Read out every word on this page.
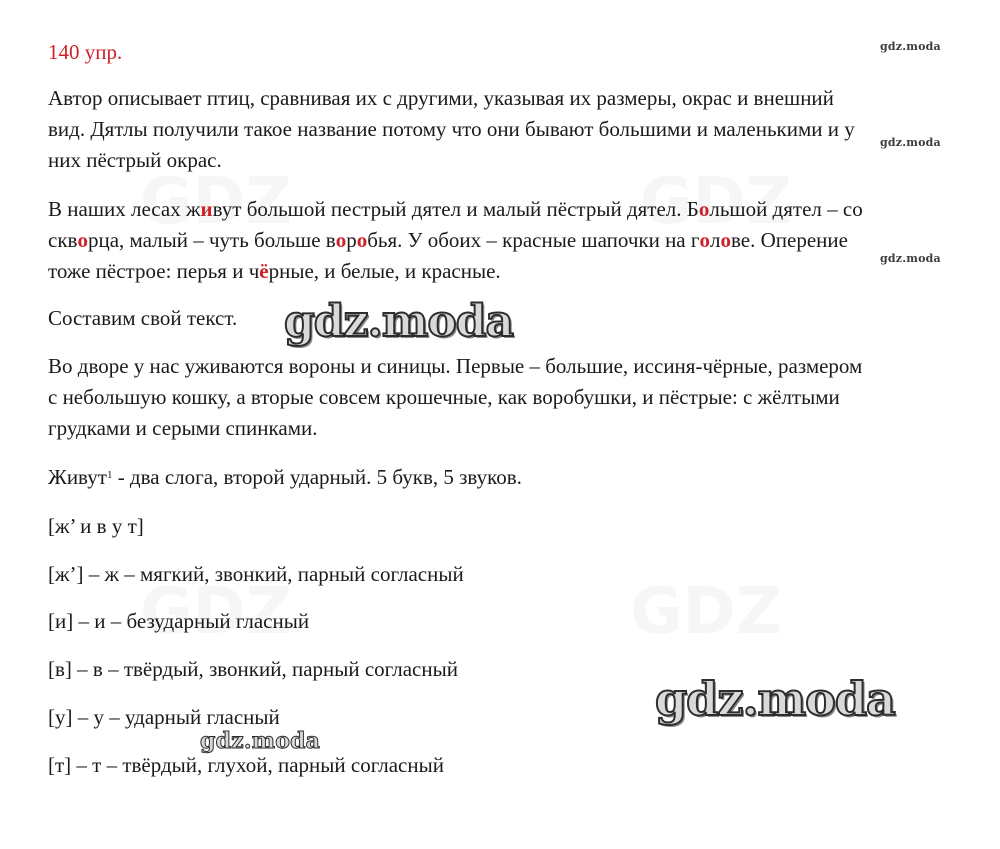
140 упр.

Автор описывает птиц, сравнивая их с другими, указывая их размеры, окрас и внешний
вид. Дятлы получили такое название потому что они бывают большими и маленькими и у
них пёстрый окрас.

В наших лесах живут большой пестрый дятел и малый пёстрый дятел. Большой дятел – со
скворца, малый – чуть больше воробья. У обоих – красные шапочки на голове. Оперение
тоже пёстрое: перья и чёрные, и белые, и красные.

Составим свой текст.

Во дворе у нас уживаются вороны и синицы. Первые – большие, иссиня-чёрные, размером
с небольшую кошку, а вторые совсем крошечные, как воробушки, и пёстрые: с жёлтыми
грудками и серыми спинками.

Живут$^1$ - два слога, второй ударный. 5 букв, 5 звуков.
[ж’ и в у т]
[ж’] – ж – мягкий, звонкий, парный согласный
[и] – и – безударный гласный
[в] – в – твёрдый, звонкий, парный согласный
[у] – у – ударный гласный
[т] – т – твёрдый, глухой, парный согласный
gdz.moda
gdz.moda
gdz.moda
gdz.moda
gdz.moda
gdz.moda
